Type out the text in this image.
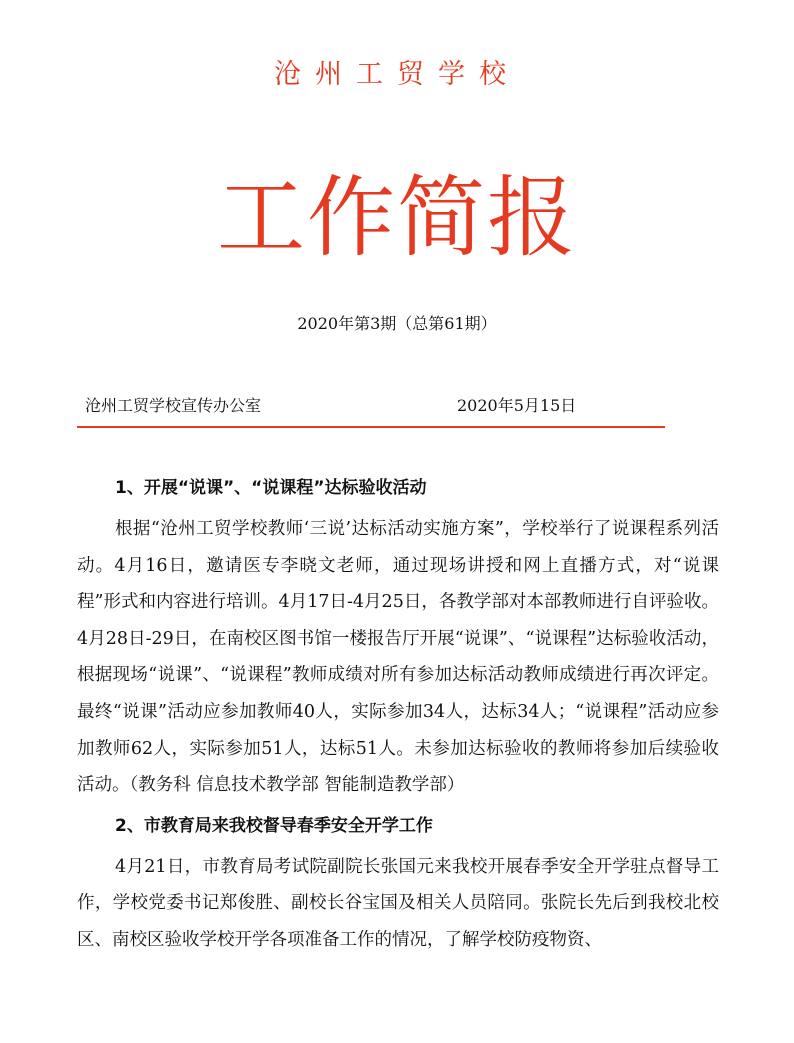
沧州工贸学校
工作简报
2020年第3期（总第61期）
沧州工贸学校宣传办公室	2020年5月15日
1、开展“说课”、“说课程”达标验收活动

根据“沧州工贸学校教师‘三说’达标活动实施方案”，学校举行了说课程系列活动。4月16日，邀请医专李晓文老师，通过现场讲授和网上直播方式，对“说课程”形式和内容进行培训。4月17日-4月25日，各教学部对本部教师进行自评验收。4月28日-29日，在南校区图书馆一楼报告厅开展“说课”、“说课程”达标验收活动，根据现场“说课”、“说课程”教师成绩对所有参加达标活动教师成绩进行再次评定。最终“说课”活动应参加教师40人，实际参加34人，达标34人；“说课程”活动应参加教师62人，实际参加51人，达标51人。未参加达标验收的教师将参加后续验收活动。（教务科 信息技术教学部 智能制造教学部）

2、市教育局来我校督导春季安全开学工作

4月21日，市教育局考试院副院长张国元来我校开展春季安全开学驻点督导工作，学校党委书记郑俊胜、副校长谷宝国及相关人员陪同。张院长先后到我校北校区、南校区验收学校开学各项准备工作的情况，了解学校防疫物资、
